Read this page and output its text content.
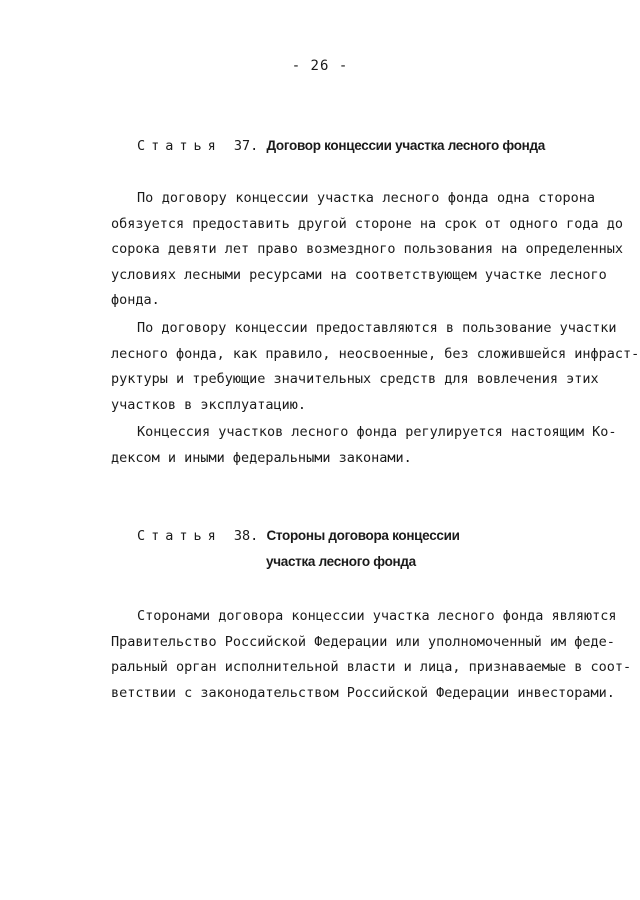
- 26 -
Статья 37. Договор концессии участка лесного фонда
По договору концессии участка лесного фонда одна сторона
обязуется предоставить другой стороне на срок от одного года до
сорока девяти лет право возмездного пользования на определенных
условиях лесными ресурсами на соответствующем участке лесного
фонда.
По договору концессии предоставляются в пользование участки
лесного фонда, как правило, неосвоенные, без сложившейся инфраст-
руктуры и требующие значительных средств для вовлечения этих
участков в эксплуатацию.
Концессия участков лесного фонда регулируется настоящим Ко-
дексом и иными федеральными законами.
Статья 38. Стороны договора концессии
участка лесного фонда
Сторонами договора концессии участка лесного фонда являются
Правительство Российской Федерации или уполномоченный им феде-
ральный орган исполнительной власти и лица, признаваемые в соот-
ветствии с законодательством Российской Федерации инвесторами.
